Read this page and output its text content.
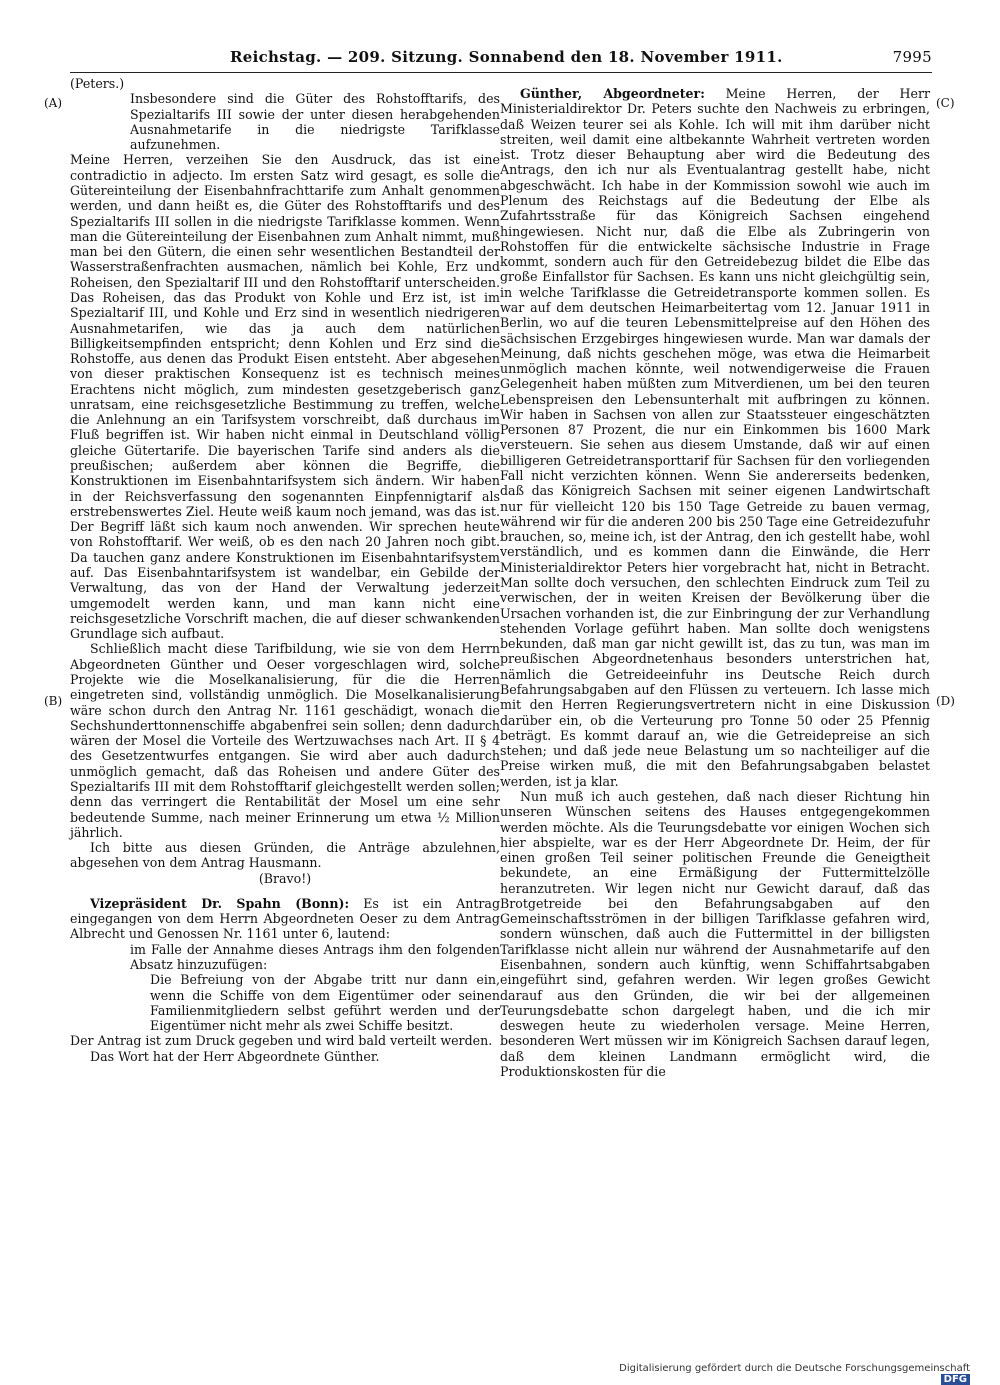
Reichstag. — 209. Sitzung. Sonnabend den 18. November 1911.	7995
(A)
(B)
(C)
(D)

(Peters.)

Insbesondere sind die Güter des Rohstofftarifs, des Spezialtarifs III sowie der unter diesen herabgehenden Ausnahmetarife in die niedrigste Tarifklasse aufzunehmen.

Meine Herren, verzeihen Sie den Ausdruck, das ist eine contradictio in adjecto. Im ersten Satz wird gesagt, es solle die Gütereinteilung der Eisenbahnfrachttarife zum Anhalt genommen werden, und dann heißt es, die Güter des Rohstofftarifs und des Spezialtarifs III sollen in die niedrigste Tarifklasse kommen. Wenn man die Gütereinteilung der Eisenbahnen zum Anhalt nimmt, muß man bei den Gütern, die einen sehr wesentlichen Bestandteil der Wasserstraßenfrachten ausmachen, nämlich bei Kohle, Erz und Roheisen, den Spezialtarif III und den Rohstofftarif unterscheiden. Das Roheisen, das das Produkt von Kohle und Erz ist, ist im Spezialtarif III, und Kohle und Erz sind in wesentlich niedrigeren Ausnahmetarifen, wie das ja auch dem natürlichen Billigkeitsempfinden entspricht; denn Kohlen und Erz sind die Rohstoffe, aus denen das Produkt Eisen entsteht. Aber abgesehen von dieser praktischen Konsequenz ist es technisch meines Erachtens nicht möglich, zum mindesten gesetzgeberisch ganz unratsam, eine reichsgesetzliche Bestimmung zu treffen, welche die Anlehnung an ein Tarifsystem vorschreibt, daß durchaus im Fluß begriffen ist. Wir haben nicht einmal in Deutschland völlig gleiche Gütertarife. Die bayerischen Tarife sind anders als die preußischen; außerdem aber können die Begriffe, die Konstruktionen im Eisenbahntarifsystem sich ändern. Wir haben in der Reichsverfassung den sogenannten Einpfennigtarif als erstrebenswertes Ziel. Heute weiß kaum noch jemand, was das ist. Der Begriff läßt sich kaum noch anwenden. Wir sprechen heute von Rohstofftarif. Wer weiß, ob es den nach 20 Jahren noch gibt. Da tauchen ganz andere Konstruktionen im Eisenbahntarifsystem auf. Das Eisenbahntarifsystem ist wandelbar, ein Gebilde der Verwaltung, das von der Hand der Verwaltung jederzeit umgemodelt werden kann, und man kann nicht eine reichsgesetzliche Vorschrift machen, die auf dieser schwankenden Grundlage sich aufbaut.

Schließlich macht diese Tarifbildung, wie sie von dem Herrn Abgeordneten Günther und Oeser vorgeschlagen wird, solche Projekte wie die Moselkanalisierung, für die die Herren eingetreten sind, vollständig unmöglich. Die Moselkanalisierung wäre schon durch den Antrag Nr. 1161 geschädigt, wonach die Sechshunderttonnenschiffe abgabenfrei sein sollen; denn dadurch wären der Mosel die Vorteile des Wertzuwachses nach Art. II § 4 des Gesetzentwurfes entgangen. Sie wird aber auch dadurch unmöglich gemacht, daß das Roheisen und andere Güter des Spezialtarifs III mit dem Rohstofftarif gleichgestellt werden sollen; denn das verringert die Rentabilität der Mosel um eine sehr bedeutende Summe, nach meiner Erinnerung um etwa ½ Million jährlich.

Ich bitte aus diesen Gründen, die Anträge abzulehnen, abgesehen von dem Antrag Hausmann.

(Bravo!)

Vizepräsident Dr. Spahn (Bonn): Es ist ein Antrag eingegangen von dem Herrn Abgeordneten Oeser zu dem Antrag Albrecht und Genossen Nr. 1161 unter 6, lautend:

im Falle der Annahme dieses Antrags ihm den folgenden Absatz hinzuzufügen:

Die Befreiung von der Abgabe tritt nur dann ein, wenn die Schiffe von dem Eigentümer oder seinen Familienmitgliedern selbst geführt werden und der Eigentümer nicht mehr als zwei Schiffe besitzt.

Der Antrag ist zum Druck gegeben und wird bald verteilt werden.

Das Wort hat der Herr Abgeordnete Günther.

Günther, Abgeordneter: Meine Herren, der Herr Ministerialdirektor Dr. Peters suchte den Nachweis zu erbringen, daß Weizen teurer sei als Kohle. Ich will mit ihm darüber nicht streiten, weil damit eine altbekannte Wahrheit vertreten worden ist. Trotz dieser Behauptung aber wird die Bedeutung des Antrags, den ich nur als Eventualantrag gestellt habe, nicht abgeschwächt. Ich habe in der Kommission sowohl wie auch im Plenum des Reichstags auf die Bedeutung der Elbe als Zufahrtsstraße für das Königreich Sachsen eingehend hingewiesen. Nicht nur, daß die Elbe als Zubringerin von Rohstoffen für die entwickelte sächsische Industrie in Frage kommt, sondern auch für den Getreidebezug bildet die Elbe das große Einfallstor für Sachsen. Es kann uns nicht gleichgültig sein, in welche Tarifklasse die Getreidetransporte kommen sollen. Es war auf dem deutschen Heimarbeitertag vom 12. Januar 1911 in Berlin, wo auf die teuren Lebensmittelpreise auf den Höhen des sächsischen Erzgebirges hingewiesen wurde. Man war damals der Meinung, daß nichts geschehen möge, was etwa die Heimarbeit unmöglich machen könnte, weil notwendigerweise die Frauen Gelegenheit haben müßten zum Mitverdienen, um bei den teuren Lebenspreisen den Lebensunterhalt mit aufbringen zu können. Wir haben in Sachsen von allen zur Staatssteuer eingeschätzten Personen 87 Prozent, die nur ein Einkommen bis 1600 Mark versteuern. Sie sehen aus diesem Umstande, daß wir auf einen billigeren Getreidetransporttarif für Sachsen für den vorliegenden Fall nicht verzichten können. Wenn Sie andererseits bedenken, daß das Königreich Sachsen mit seiner eigenen Landwirtschaft nur für vielleicht 120 bis 150 Tage Getreide zu bauen vermag, während wir für die anderen 200 bis 250 Tage eine Getreidezufuhr brauchen, so, meine ich, ist der Antrag, den ich gestellt habe, wohl verständlich, und es kommen dann die Einwände, die Herr Ministerialdirektor Peters hier vorgebracht hat, nicht in Betracht. Man sollte doch versuchen, den schlechten Eindruck zum Teil zu verwischen, der in weiten Kreisen der Bevölkerung über die Ursachen vorhanden ist, die zur Einbringung der zur Verhandlung stehenden Vorlage geführt haben. Man sollte doch wenigstens bekunden, daß man gar nicht gewillt ist, das zu tun, was man im preußischen Abgeordnetenhaus besonders unterstrichen hat, nämlich die Getreideeinfuhr ins Deutsche Reich durch Befahrungsabgaben auf den Flüssen zu verteuern. Ich lasse mich mit den Herren Regierungsvertretern nicht in eine Diskussion darüber ein, ob die Verteurung pro Tonne 50 oder 25 Pfennig beträgt. Es kommt darauf an, wie die Getreidepreise an sich stehen; und daß jede neue Belastung um so nachteiliger auf die Preise wirken muß, die mit den Befahrungsabgaben belastet werden, ist ja klar.

Nun muß ich auch gestehen, daß nach dieser Richtung hin unseren Wünschen seitens des Hauses entgegengekommen werden möchte. Als die Teurungsdebatte vor einigen Wochen sich hier abspielte, war es der Herr Abgeordnete Dr. Heim, der für einen großen Teil seiner politischen Freunde die Geneigtheit bekundete, an eine Ermäßigung der Futtermittelzölle heranzutreten. Wir legen nicht nur Gewicht darauf, daß das Brotgetreide bei den Befahrungsabgaben auf den Gemeinschaftsströmen in der billigen Tarifklasse gefahren wird, sondern wünschen, daß auch die Futtermittel in der billigsten Tarifklasse nicht allein nur während der Ausnahmetarife auf den Eisenbahnen, sondern auch künftig, wenn Schiffahrtsabgaben eingeführt sind, gefahren werden. Wir legen großes Gewicht darauf aus den Gründen, die wir bei der allgemeinen Teurungsdebatte schon dargelegt haben, und die ich mir deswegen heute zu wiederholen versage. Meine Herren, besonderen Wert müssen wir im Königreich Sachsen darauf legen, daß dem kleinen Landmann ermöglicht wird, die Produktionskosten für die

Digitalisierung gefördert durch die Deutsche ForschungsgemeinschaftDFG
